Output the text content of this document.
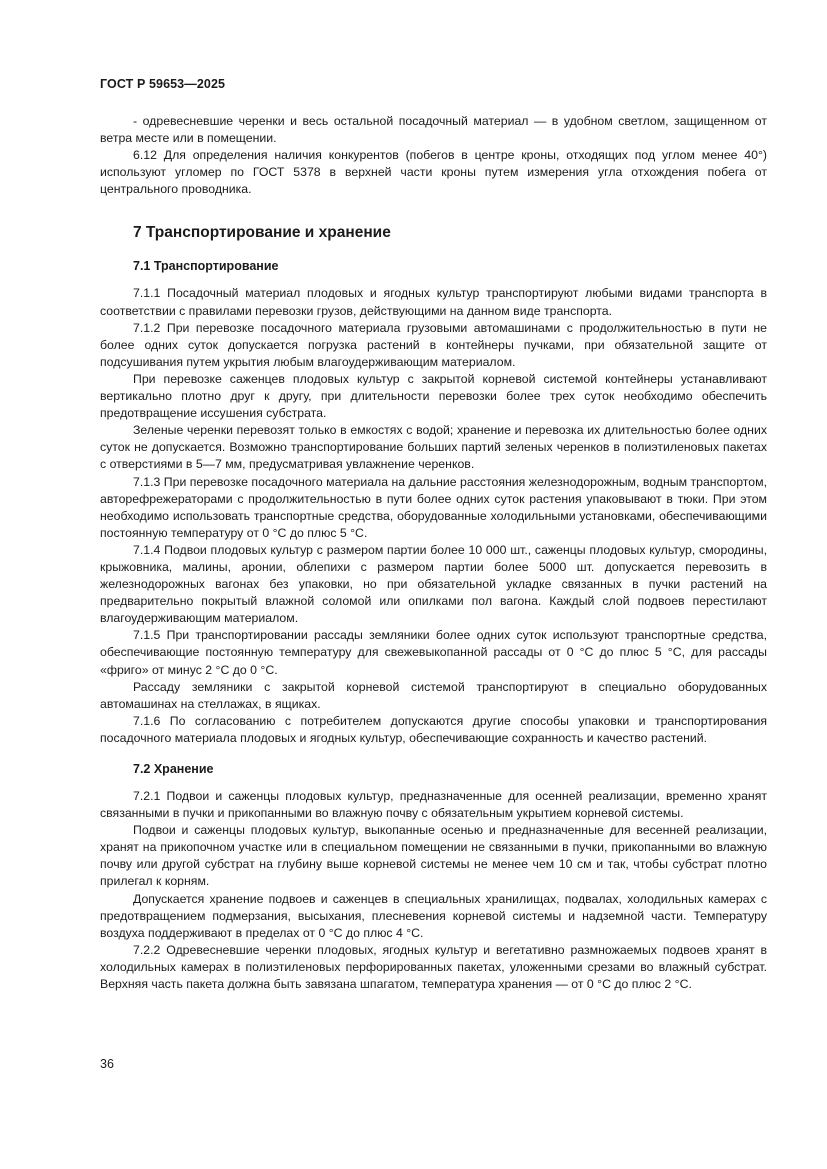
ГОСТ Р 59653—2025

- одревесневшие черенки и весь остальной посадочный материал — в удобном светлом, защищенном от ветра месте или в помещении.

6.12 Для определения наличия конкурентов (побегов в центре кроны, отходящих под углом менее 40°) используют угломер по ГОСТ 5378 в верхней части кроны путем измерения угла отхождения побега от центрального проводника.

7 Транспортирование и хранение
7.1 Транспортирование

7.1.1 Посадочный материал плодовых и ягодных культур транспортируют любыми видами транспорта в соответствии с правилами перевозки грузов, действующими на данном виде транспорта.

7.1.2 При перевозке посадочного материала грузовыми автомашинами с продолжительностью в пути не более одних суток допускается погрузка растений в контейнеры пучками, при обязательной защите от подсушивания путем укрытия любым влагоудерживающим материалом.

При перевозке саженцев плодовых культур с закрытой корневой системой контейнеры устанавливают вертикально плотно друг к другу, при длительности перевозки более трех суток необходимо обеспечить предотвращение иссушения субстрата.

Зеленые черенки перевозят только в емкостях с водой; хранение и перевозка их длительностью более одних суток не допускается. Возможно транспортирование больших партий зеленых черенков в полиэтиленовых пакетах с отверстиями в 5—7 мм, предусматривая увлажнение черенков.

7.1.3 При перевозке посадочного материала на дальние расстояния железнодорожным, водным транспортом, авторефрежераторами с продолжительностью в пути более одних суток растения упаковывают в тюки. При этом необходимо использовать транспортные средства, оборудованные холодильными установками, обеспечивающими постоянную температуру от 0 °С до плюс 5 °С.

7.1.4 Подвои плодовых культур с размером партии более 10 000 шт., саженцы плодовых культур, смородины, крыжовника, малины, аронии, облепихи с размером партии более 5000 шт. допускается перевозить в железнодорожных вагонах без упаковки, но при обязательной укладке связанных в пучки растений на предварительно покрытый влажной соломой или опилками пол вагона. Каждый слой подвоев перестилают влагоудерживающим материалом.

7.1.5 При транспортировании рассады земляники более одних суток используют транспортные средства, обеспечивающие постоянную температуру для свежевыкопанной рассады от 0 °С до плюс 5 °С, для рассады «фриго» от минус 2 °С до 0 °С.

Рассаду земляники с закрытой корневой системой транспортируют в специально оборудованных автомашинах на стеллажах, в ящиках.

7.1.6 По согласованию с потребителем допускаются другие способы упаковки и транспортирования посадочного материала плодовых и ягодных культур, обеспечивающие сохранность и качество растений.

7.2 Хранение

7.2.1 Подвои и саженцы плодовых культур, предназначенные для осенней реализации, временно хранят связанными в пучки и прикопанными во влажную почву с обязательным укрытием корневой системы.

Подвои и саженцы плодовых культур, выкопанные осенью и предназначенные для весенней реализации, хранят на прикопочном участке или в специальном помещении не связанными в пучки, прикопанными во влажную почву или другой субстрат на глубину выше корневой системы не менее чем 10 см и так, чтобы субстрат плотно прилегал к корням.

Допускается хранение подвоев и саженцев в специальных хранилищах, подвалах, холодильных камерах с предотвращением подмерзания, высыхания, плесневения корневой системы и надземной части. Температуру воздуха поддерживают в пределах от 0 °С до плюс 4 °С.

7.2.2 Одревесневшие черенки плодовых, ягодных культур и вегетативно размножаемых подвоев хранят в холодильных камерах в полиэтиленовых перфорированных пакетах, уложенными срезами во влажный субстрат. Верхняя часть пакета должна быть завязана шпагатом, температура хранения — от 0 °С до плюс 2 °С.

36
